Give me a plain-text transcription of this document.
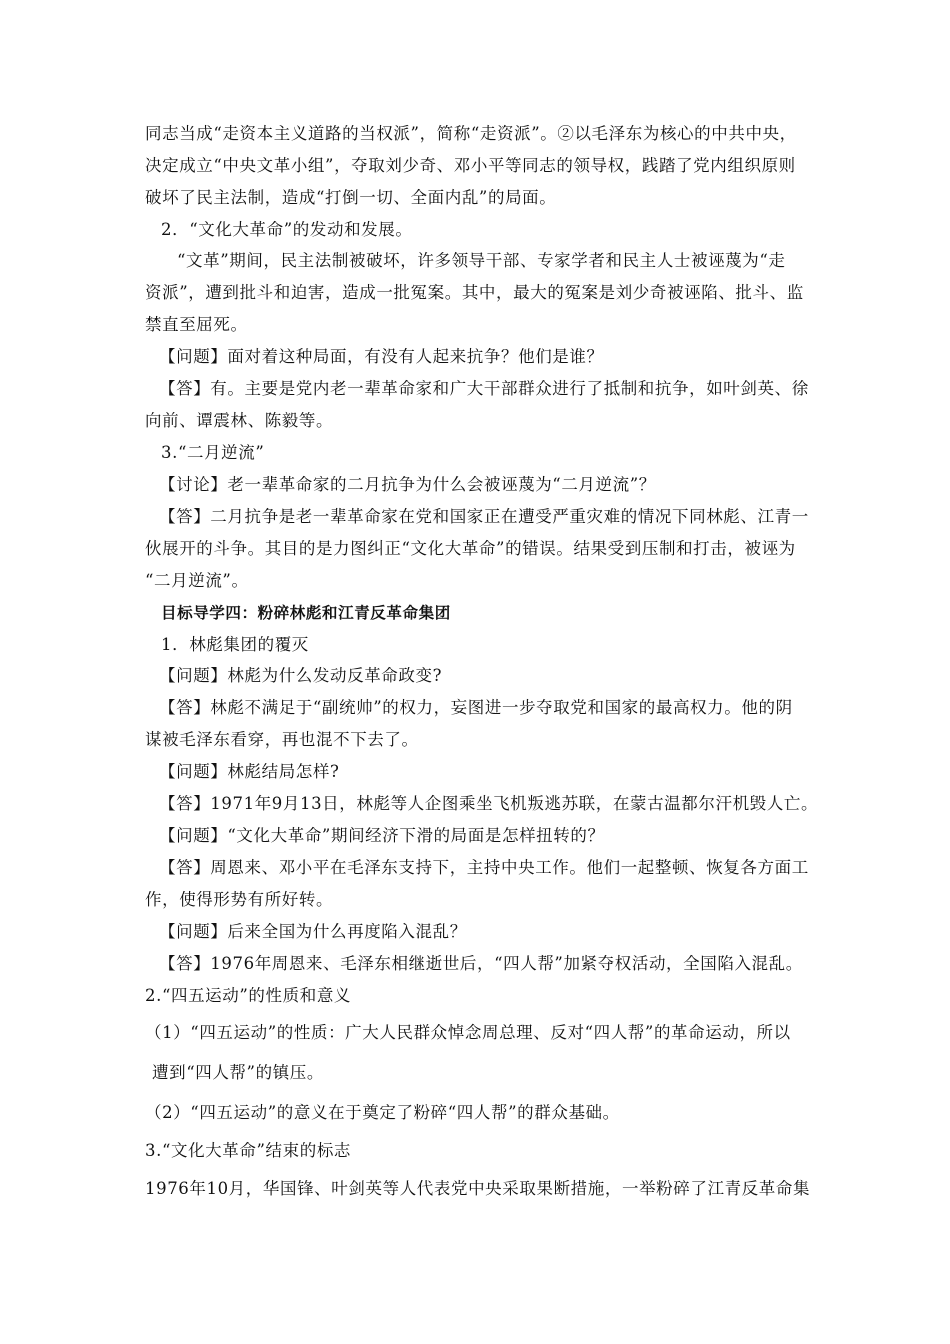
同志当成“走资本主义道路的当权派”，简称“走资派”。②以毛泽东为核心的中共中央，
决定成立“中央文革小组”，夺取刘少奇、邓小平等同志的领导权，践踏了党内组织原则
破坏了民主法制，造成“打倒一切、全面内乱”的局面。
2．“文化大革命”的发动和发展。
“文革”期间，民主法制被破坏，许多领导干部、专家学者和民主人士被诬蔑为“走
资派”，遭到批斗和迫害，造成一批冤案。其中，最大的冤案是刘少奇被诬陷、批斗、监
禁直至屈死。
【问题】面对着这种局面，有没有人起来抗争？他们是谁？
【答】有。主要是党内老一辈革命家和广大干部群众进行了抵制和抗争，如叶剑英、徐
向前、谭震林、陈毅等。
3.“二月逆流”
【讨论】老一辈革命家的二月抗争为什么会被诬蔑为“二月逆流”？
【答】二月抗争是老一辈革命家在党和国家正在遭受严重灾难的情况下同林彪、江青一
伙展开的斗争。其目的是力图纠正“文化大革命”的错误。结果受到压制和打击，被诬为
“二月逆流”。
目标导学四：粉碎林彪和江青反革命集团
1．林彪集团的覆灭
【问题】林彪为什么发动反革命政变?
【答】林彪不满足于“副统帅”的权力，妄图进一步夺取党和国家的最高权力。他的阴
谋被毛泽东看穿，再也混不下去了。
【问题】林彪结局怎样?
【答】1971年9月13日，林彪等人企图乘坐飞机叛逃苏联，在蒙古温都尔汗机毁人亡。
【问题】“文化大革命”期间经济下滑的局面是怎样扭转的？
【答】周恩来、邓小平在毛泽东支持下，主持中央工作。他们一起整顿、恢复各方面工
作，使得形势有所好转。
【问题】后来全国为什么再度陷入混乱？
【答】1976年周恩来、毛泽东相继逝世后，“四人帮”加紧夺权活动，全国陷入混乱。
2.“四五运动”的性质和意义
（1）“四五运动”的性质：广大人民群众悼念周总理、反对“四人帮”的革命运动，所以
遭到“四人帮”的镇压。
（2）“四五运动”的意义在于奠定了粉碎“四人帮”的群众基础。
3.“文化大革命”结束的标志
1976年10月，华国锋、叶剑英等人代表党中央采取果断措施，一举粉碎了江青反革命集
